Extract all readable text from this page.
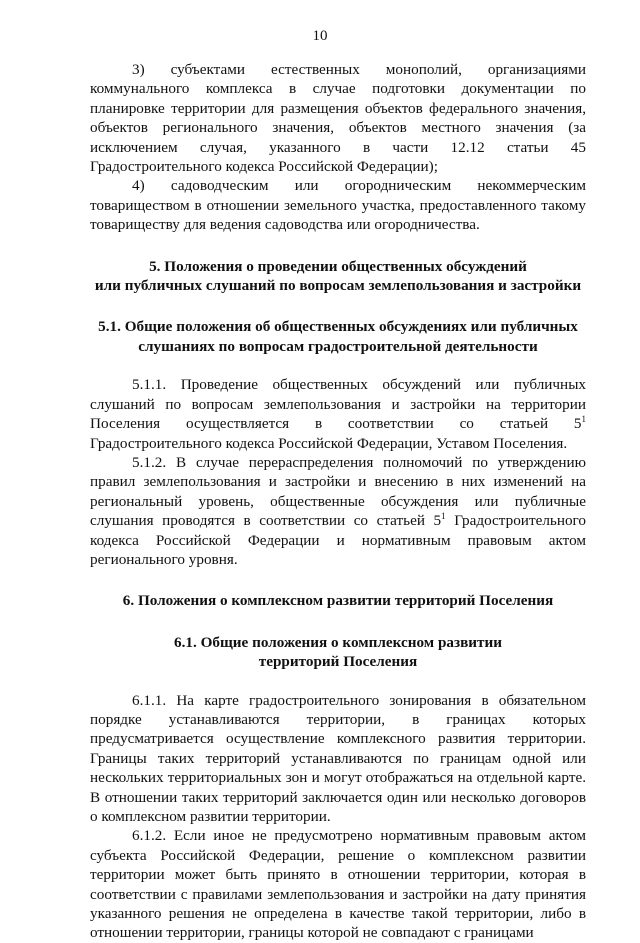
10

3) субъектами естественных монополий, организациями коммунального комплекса в случае подготовки документации по планировке территории для размещения объектов федерального значения, объектов регионального значения, объектов местного значения (за исключением случая, указанного в части 12.12 статьи 45 Градостроительного кодекса Российской Федерации);

4) садоводческим или огородническим некоммерческим товариществом в отношении земельного участка, предоставленного такому товариществу для ведения садоводства или огородничества.

5. Положения о проведении общественных обсуждений

или публичных слушаний по вопросам землепользования и застройки

5.1. Общие положения об общественных обсуждениях или публичных

слушаниях по вопросам градостроительной деятельности

5.1.1. Проведение общественных обсуждений или публичных слушаний по вопросам землепользования и застройки на территории Поселения осуществляется в соответствии со статьей $5^1$ Градостроительного кодекса Российской Федерации, Уставом Поселения.

5.1.2. В случае перераспределения полномочий по утверждению правил землепользования и застройки и внесению в них изменений на региональный уровень, общественные обсуждения или публичные слушания проводятся в соответствии со статьей $5^1$ Градостроительного кодекса Российской Федерации и нормативным правовым актом регионального уровня.

6. Положения о комплексном развитии территорий Поселения

6.1. Общие положения о комплексном развитии

территорий Поселения

6.1.1. На карте градостроительного зонирования в обязательном порядке устанавливаются территории, в границах которых предусматривается осуществление комплексного развития территории. Границы таких территорий устанавливаются по границам одной или нескольких территориальных зон и могут отображаться на отдельной карте. В отношении таких территорий заключается один или несколько договоров о комплексном развитии территории.

6.1.2. Если иное не предусмотрено нормативным правовым актом субъекта Российской Федерации, решение о комплексном развитии территории может быть принято в отношении территории, которая в соответствии с правилами землепользования и застройки на дату принятия указанного решения не определена в качестве такой территории, либо в отношении территории, границы которой не совпадают с границами
